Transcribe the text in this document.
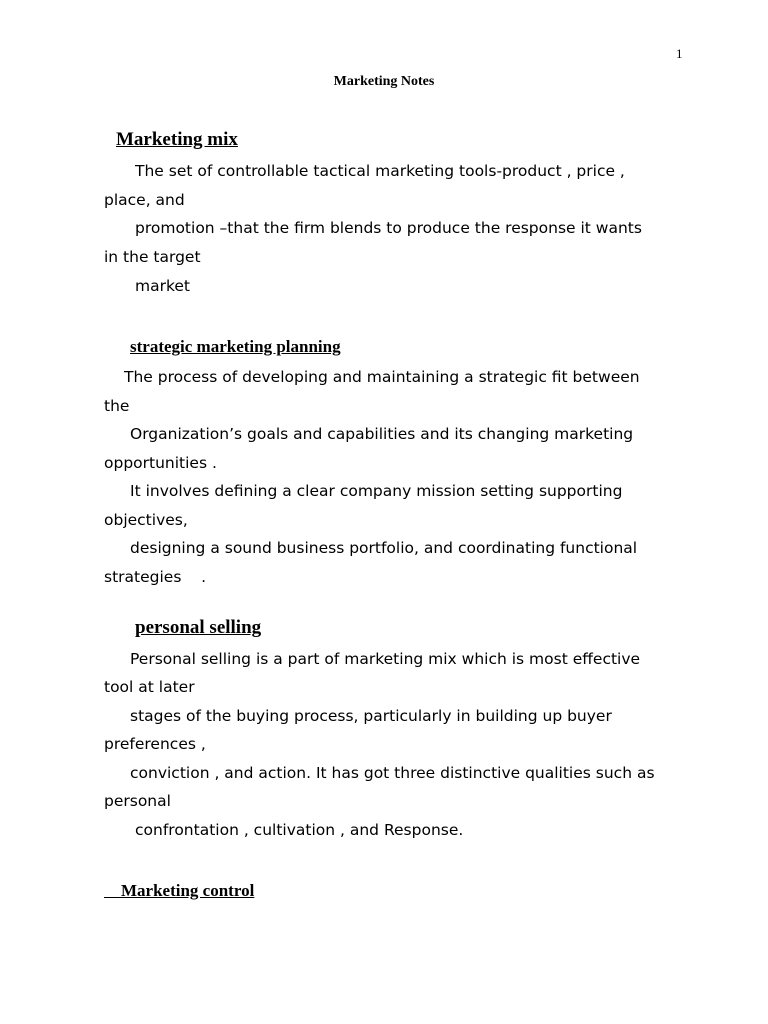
1
Marketing Notes
Marketing mix
The set of controllable tactical marketing tools-product , price ,
place, and
promotion –that the firm blends to produce the response it wants
in the target
market
strategic marketing planning
The process of developing and maintaining a strategic fit between
the
Organization’s goals and capabilities and its changing marketing
opportunities .
It involves defining a clear company mission setting supporting
objectives,
designing a sound business portfolio, and coordinating functional
strategies    .
personal selling
Personal selling is a part of marketing mix which is most effective
tool at later
stages of the buying process, particularly in building up buyer
preferences ,
conviction , and action. It has got three distinctive qualities such as
personal
confrontation , cultivation , and Response.
Marketing control
